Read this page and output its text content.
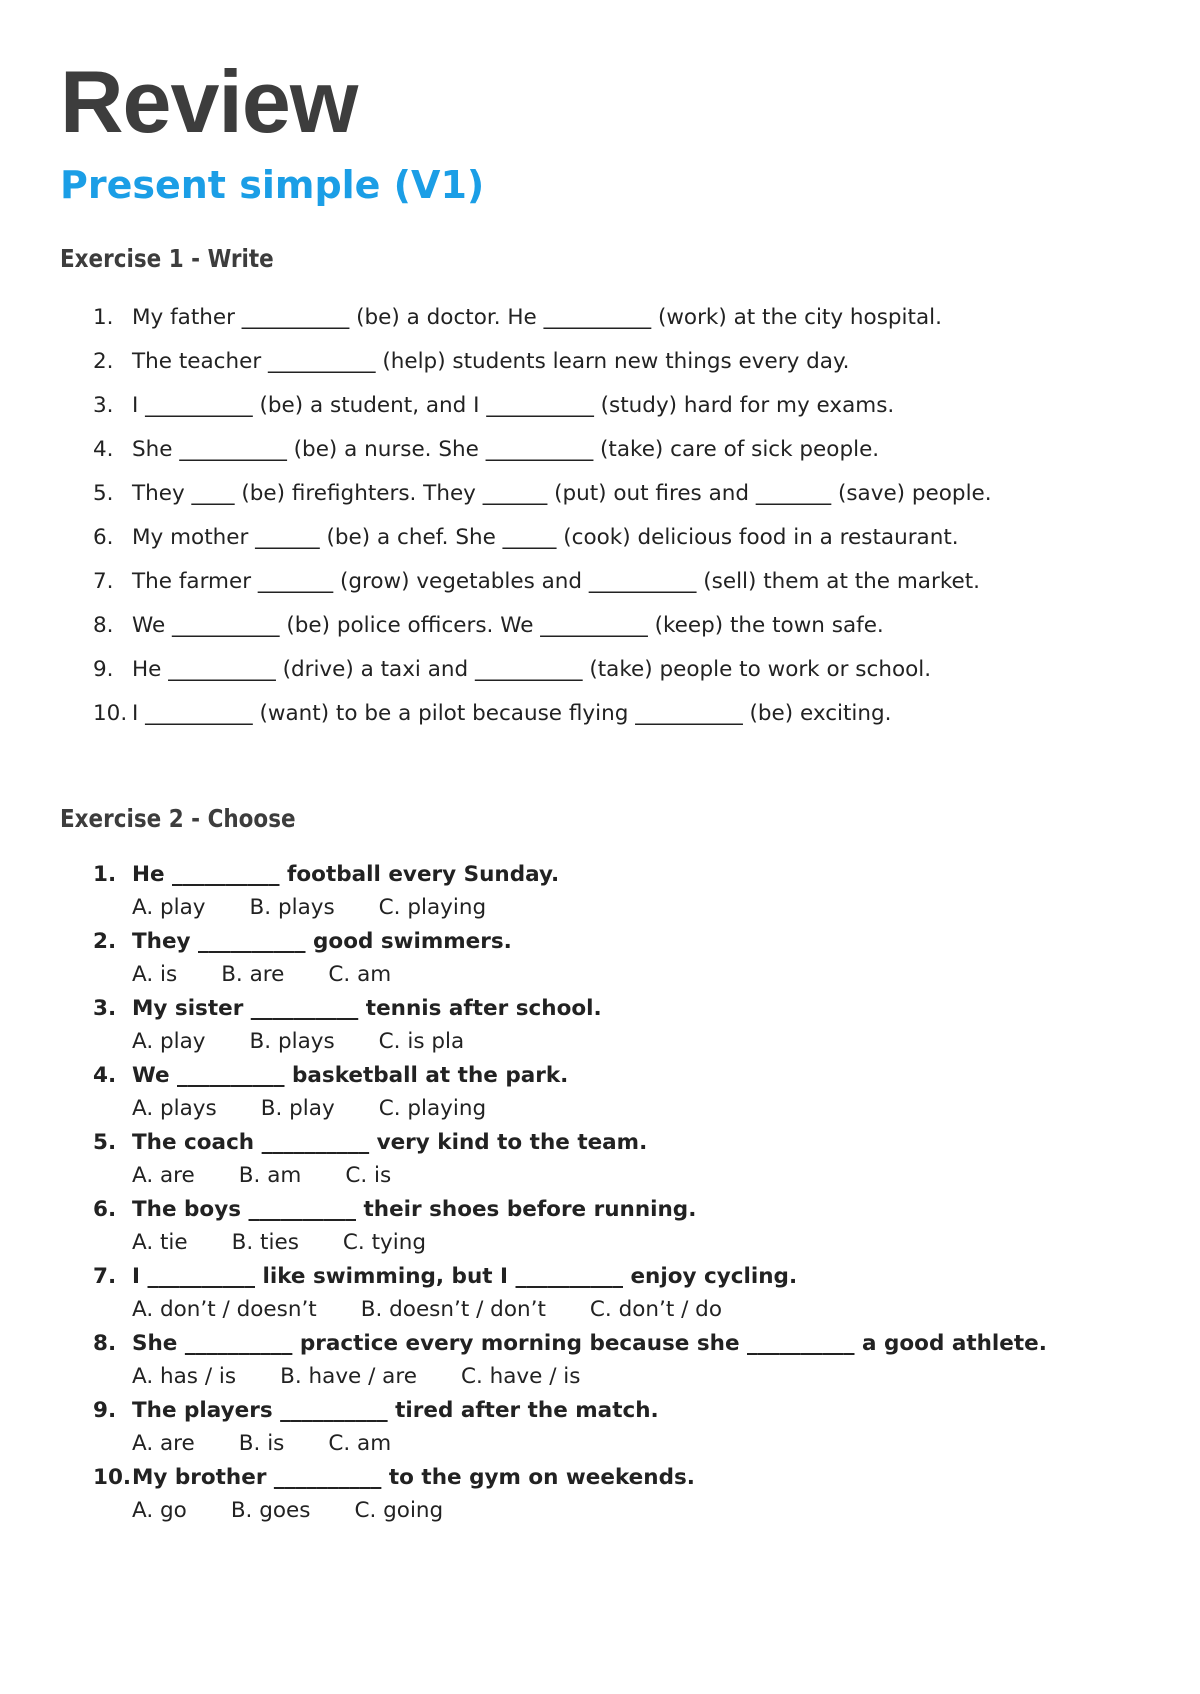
Review
Present simple (V1)
Exercise 1 - Write
1. My father __________ (be) a doctor. He __________ (work) at the city hospital.
2. The teacher __________ (help) students learn new things every day.
3. I __________ (be) a student, and I __________ (study) hard for my exams.
4. She __________ (be) a nurse. She __________ (take) care of sick people.
5. They ____ (be) firefighters. They ______ (put) out fires and _______ (save) people.
6. My mother ______ (be) a chef. She _____ (cook) delicious food in a restaurant.
7. The farmer _______ (grow) vegetables and __________ (sell) them at the market.
8. We __________ (be) police officers. We __________ (keep) the town safe.
9. He __________ (drive) a taxi and __________ (take) people to work or school.
10. I __________ (want) to be a pilot because flying __________ (be) exciting.
Exercise 2 - Choose
1. He __________ football every Sunday.
A. play B. plays C. playing
2. They __________ good swimmers.
A. is B. are C. am
3. My sister __________ tennis after school.
A. play B. plays C. is pla
4. We __________ basketball at the park.
A. plays B. play C. playing
5. The coach __________ very kind to the team.
A. are B. am C. is
6. The boys __________ their shoes before running.
A. tie B. ties C. tying
7. I __________ like swimming, but I __________ enjoy cycling.
A. don’t / doesn’t B. doesn’t / don’t C. don’t / do
8. She __________ practice every morning because she __________ a good athlete.
A. has / is B. have / are C. have / is
9. The players __________ tired after the match.
A. are B. is C. am
10. My brother __________ to the gym on weekends.
A. go B. goes C. going
